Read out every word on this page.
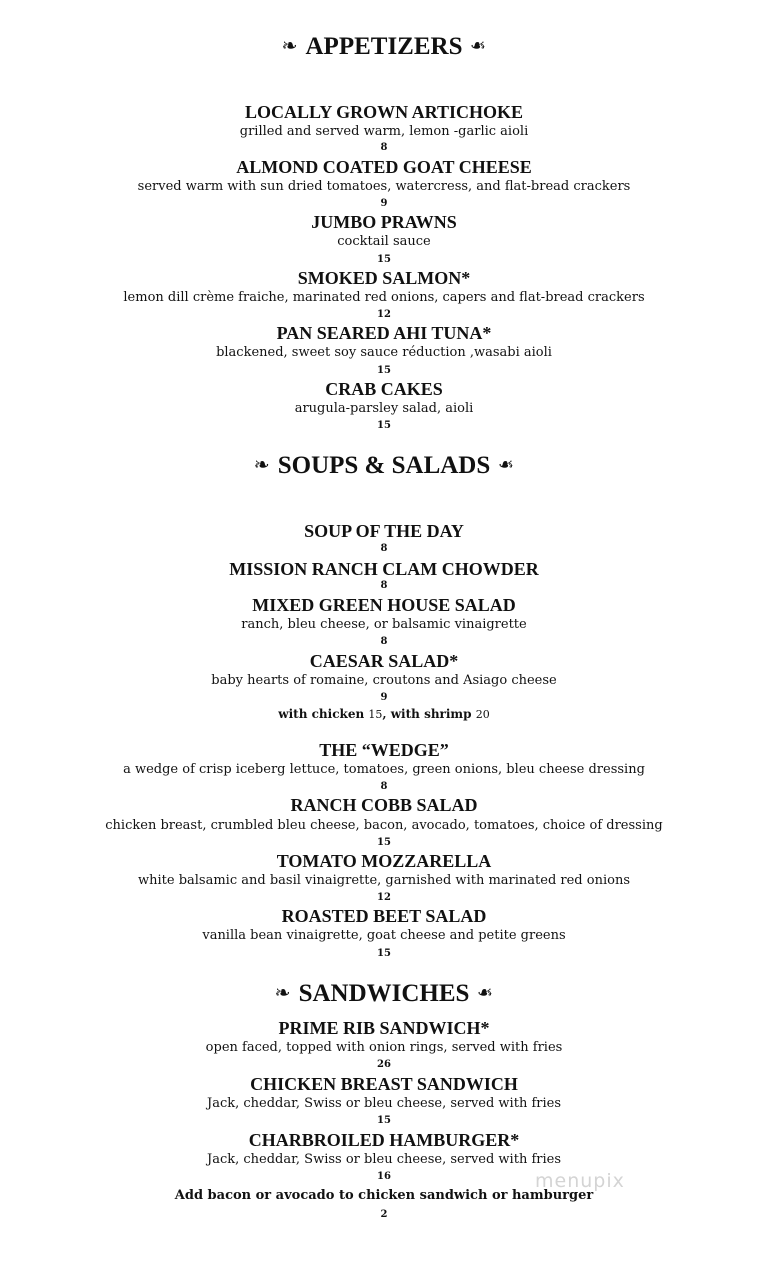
❧ APPETIZERS ❧
LOCALLY GROWN ARTICHOKE
grilled and served warm, lemon -garlic aioli
8
ALMOND COATED GOAT CHEESE
served warm with sun dried tomatoes, watercress, and flat-bread crackers
9
JUMBO PRAWNS
cocktail sauce
15
SMOKED SALMON*
lemon dill crème fraiche, marinated red onions, capers and flat-bread crackers
12
PAN SEARED AHI TUNA*
blackened, sweet soy sauce réduction ,wasabi aioli
15
CRAB CAKES
arugula-parsley salad, aioli
15
❧ SOUPS & SALADS ❧
SOUP OF THE DAY
8
MISSION RANCH CLAM CHOWDER
8
MIXED GREEN HOUSE SALAD
ranch, bleu cheese, or balsamic vinaigrette
8
CAESAR SALAD*
baby hearts of romaine, croutons and Asiago cheese
9
with chicken 15, with shrimp 20
THE “WEDGE”
a wedge of crisp iceberg lettuce, tomatoes, green onions, bleu cheese dressing
8
RANCH COBB SALAD
chicken breast, crumbled bleu cheese, bacon, avocado, tomatoes, choice of dressing
15
TOMATO MOZZARELLA
white balsamic and basil vinaigrette, garnished with marinated red onions
12
ROASTED BEET SALAD
vanilla bean vinaigrette, goat cheese and petite greens
15
❧ SANDWICHES ❧
PRIME RIB SANDWICH*
open faced, topped with onion rings, served with fries
26
CHICKEN BREAST SANDWICH
Jack, cheddar, Swiss or bleu cheese, served with fries
15
CHARBROILED HAMBURGER*
Jack, cheddar, Swiss or bleu cheese, served with fries
16
Add bacon or avocado to chicken sandwich or hamburger
2
menupix
